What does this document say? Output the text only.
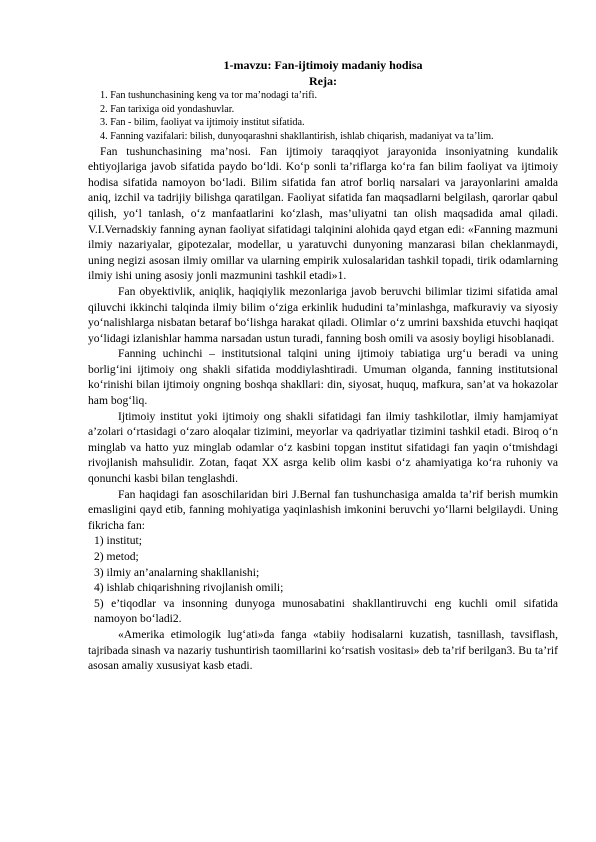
1-mavzu: Fan-ijtimoiy madaniy hodisa
Reja:
1. Fan tushunchasining keng va tor ma’nodagi ta’rifi.
2. Fan tarixiga oid yondashuvlar.
3. Fan - bilim, faoliyat va ijtimoiy institut sifatida.
4. Fanning vazifalari: bilish, dunyoqarashni shakllantirish, ishlab chiqarish, madaniyat va ta’lim.

Fan tushunchasining ma’nosi. Fan ijtimoiy taraqqiyot jarayonida insoniyatning kundalik ehtiyojlariga javob sifatida paydo bo‘ldi. Ko‘p sonli ta’riflarga ko‘ra fan bilim faoliyat va ijtimoiy hodisa sifatida namoyon bo‘ladi. Bilim sifatida fan atrof borliq narsalari va jarayonlarini amalda aniq, izchil va tadrijiy bilishga qaratilgan. Faoliyat sifatida fan maqsadlarni belgilash, qarorlar qabul qilish, yo‘l tanlash, o‘z manfaatlarini ko‘zlash, mas’uliyatni tan olish maqsadida amal qiladi. V.I.Vernadskiy fanning aynan faoliyat sifatidagi talqinini alohida qayd etgan edi: «Fanning mazmuni ilmiy nazariyalar, gipotezalar, modellar, u yaratuvchi dunyoning manzarasi bilan cheklanmaydi, uning negizi asosan ilmiy omillar va ularning empirik xulosalaridan tashkil topadi, tirik odamlarning ilmiy ishi uning asosiy jonli mazmunini tashkil etadi»1.

Fan obyektivlik, aniqlik, haqiqiylik mezonlariga javob beruvchi bilimlar tizimi sifatida amal qiluvchi ikkinchi talqinda ilmiy bilim o‘ziga erkinlik hududini ta’minlashga, mafkuraviy va siyosiy yo‘nalishlarga nisbatan betaraf bo‘lishga harakat qiladi. Olimlar o‘z umrini baxshida etuvchi haqiqat yo‘lidagi izlanishlar hamma narsadan ustun turadi, fanning bosh omili va asosiy boyligi hisoblanadi.

Fanning uchinchi – institutsional talqini uning ijtimoiy tabiatiga urg‘u beradi va uning borlig‘ini ijtimoiy ong shakli sifatida moddiylashtiradi. Umuman olganda, fanning institutsional ko‘rinishi bilan ijtimoiy ongning boshqa shakllari: din, siyosat, huquq, mafkura, san’at va hokazolar ham bog‘liq.

Ijtimoiy institut yoki ijtimoiy ong shakli sifatidagi fan ilmiy tashkilotlar, ilmiy hamjamiyat a’zolari o‘rtasidagi o‘zaro aloqalar tizimini, meyorlar va qadriyatlar tizimini tashkil etadi. Biroq o‘n minglab va hatto yuz minglab odamlar o‘z kasbini topgan institut sifatidagi fan yaqin o‘tmishdagi rivojlanish mahsulidir. Zotan, faqat XX asrga kelib olim kasbi o‘z ahamiyatiga ko‘ra ruhoniy va qonunchi kasbi bilan tenglashdi.

Fan haqidagi fan asoschilaridan biri J.Bernal fan tushunchasiga amalda ta’rif berish mumkin emasligini qayd etib, fanning mohiyatiga yaqinlashish imkonini beruvchi yo‘llarni belgilaydi. Uning fikricha fan:

1) institut;
2) metod;
3) ilmiy an’analarning shakllanishi;
4) ishlab chiqarishning rivojlanish omili;
5) e’tiqodlar va insonning dunyoga munosabatini shakllantiruvchi eng kuchli omil sifatida namoyon bo‘ladi2.

«Amerika etimologik lug‘ati»da fanga «tabiiy hodisalarni kuzatish, tasnillash, tavsiflash, tajribada sinash va nazariy tushuntirish taomillarini ko‘rsatish vositasi» deb ta’rif berilgan3. Bu ta’rif asosan amaliy xususiyat kasb etadi.
